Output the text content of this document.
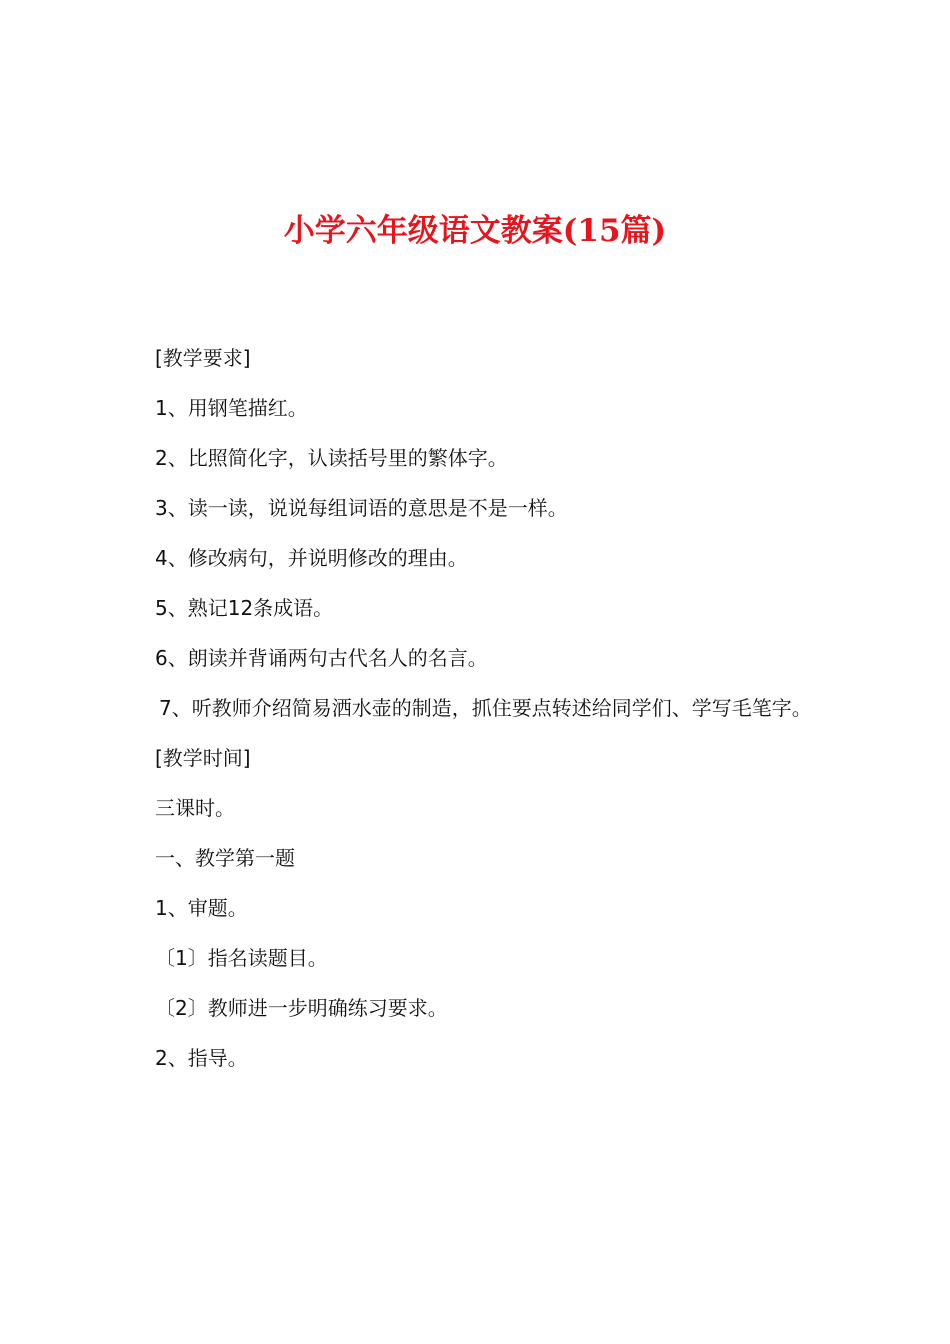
小学六年级语文教案(15篇)

[教学要求]

1、用钢笔描红。

2、比照简化字，认读括号里的繁体字。

3、读一读，说说每组词语的意思是不是一样。

4、修改病句，并说明修改的理由。

5、熟记12条成语。

6、朗读并背诵两句古代名人的名言。

7、听教师介绍简易洒水壶的制造，抓住要点转述给同学们、学写毛笔字。

[教学时间]

三课时。

一、教学第一题

1、审题。

〔1〕指名读题目。

〔2〕教师进一步明确练习要求。

2、指导。
